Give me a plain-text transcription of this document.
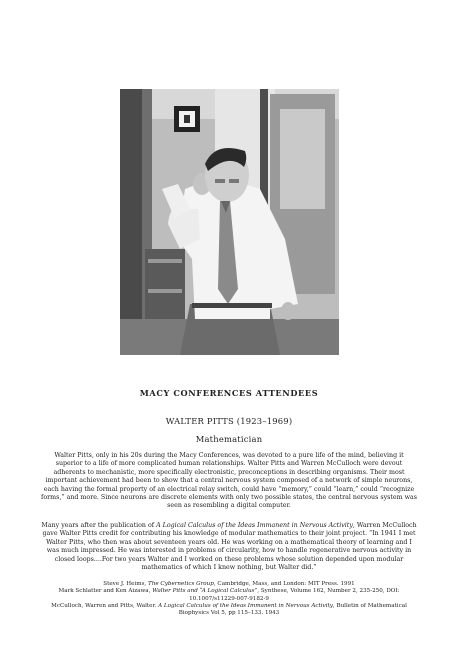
MACY CONFERENCES ATTENDEES
WALTER PITTS (1923–1969)
Mathematician

Walter Pitts, only in his 20s during the Macy Conferences, was devoted to a pure life of the mind, believing it superior to a life of more complicated human relationships. Walter Pitts and Warren McCulloch were devout adherents to mechanistic, more specifically electronistic, preconceptions in describing organisms. Their most important achievement had been to show that a central nervous system composed of a network of simple neurons, each having the formal property of an electrical relay switch, could have “memory,” could “learn,” could “recognize forms,” and more. Since neurons are discrete elements with only two possible states, the central nervous system was seen as resembling a digital computer.

Many years after the publication of A Logical Calculus of the Ideas Immanent in Nervous Activity, Warren McCulloch gave Walter Pitts credit for contributing his knowledge of modular mathematics to their joint project. “In 1941 I met Walter Pitts, who then was about seventeen years old. He was working on a mathematical theory of learning and I was much impressed. He was interested in problems of circularity, how to handle regenerative nervous activity in closed loops....For two years Walter and I worked on these problems whose solution depended upon modular mathematics of which I knew nothing, but Walter did.”

Steve J. Heims, The Cybernetics Group, Cambridge, Mass, and London: MIT Press. 1991
Mark Schlatter and Ken Aizawa, Walter Pitts and “A Logical Calculus”, Synthese, Volume 162, Number 2, 235-250, DOI: 10.1007/s11229-007-9182-9
McCulloch, Warren and Pitts, Walter. A Logical Calculus of the Ideas Immanent in Nervous Activity, Bulletin of Mathematical Biophysics Vol 5, pp 115–133. 1943
